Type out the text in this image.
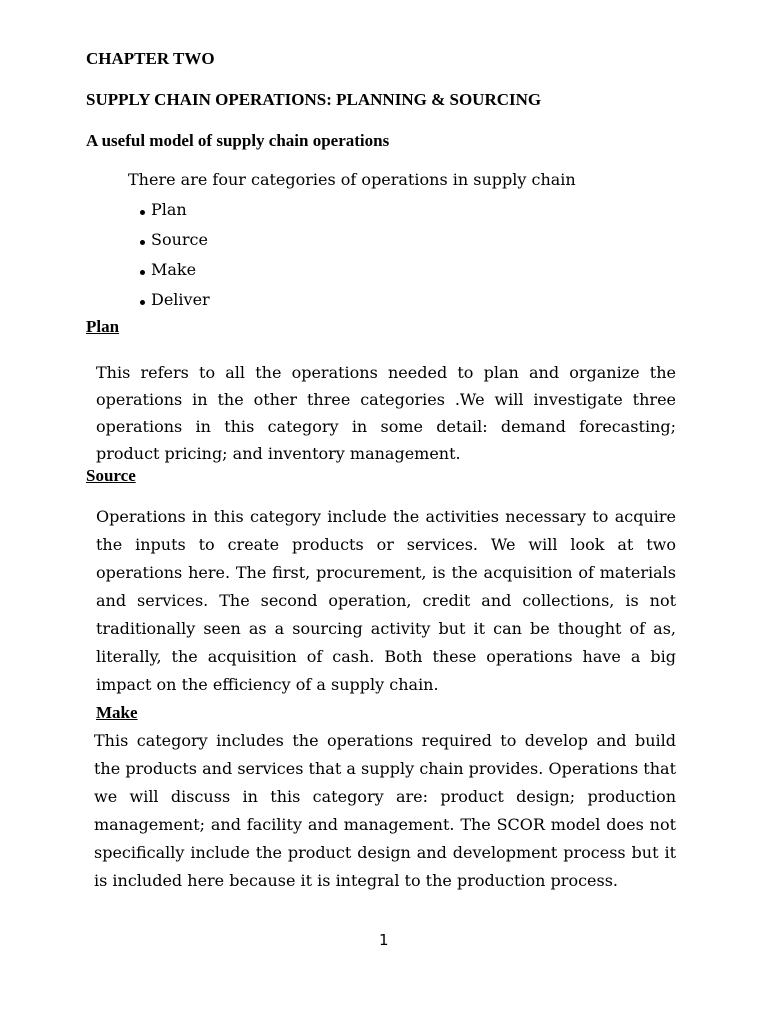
CHAPTER TWO
SUPPLY CHAIN OPERATIONS: PLANNING & SOURCING
A useful model of supply chain operations
There are four categories of operations in supply chain
Plan
Source
Make
Deliver
Plan
This refers to all the operations needed to plan and organize the operations in the other three categories .We will investigate three operations in this category in some detail: demand forecasting; product pricing; and inventory management.
Source
Operations in this category include the activities necessary to acquire the inputs to create products or services. We will look at two operations here. The first, procurement, is the acquisition of materials and services. The second operation, credit and collections, is not traditionally seen as a sourcing activity but it can be thought of as, literally, the acquisition of cash. Both these operations have a big impact on the efficiency of a supply chain.
Make
This category includes the operations required to develop and build the products and services that a supply chain provides. Operations that we will discuss in this category are: product design; production management; and facility and management. The SCOR model does not specifically include the product design and development process but it is included here because it is integral to the production process.
1
